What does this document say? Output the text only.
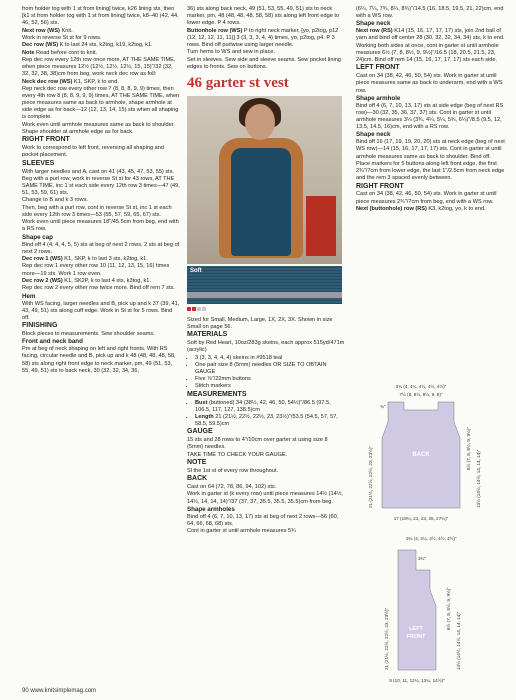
from holder tog with 1 st from lining] twice, k26 lining sts, then [k1 st from holder tog with 1 st from lining] twice, k8–40 (42, 44, 46, 52, 56) sts.

Next row (WS) Knit.

Work in reverse St st for 9 rows.

Dec row (WS) K to last 24 sts, k2tog, k19, k2tog, k1.

Note Read before cont to knit.

Rep dec row every 12th row once more, AT THE SAME TIME, when piece measures 12½ (12½, 12½, 12½, 15, 15)"/32 (32, 32, 32, 38, 38)cm from beg, work neck dec row as foll:

Neck dec row (WS) K1, SKP, k to end.

Rep neck dec row every other row 7 (8, 8, 8, 9, 9) times, then every 4th row 8 (8, 8, 9, 9, 9) times, AT THE SAME TIME, when piece measures same as back to armhole, shape armhole at side edge as for back—12 (12, 13, 14, 15) sts when all shaping is complete.

Work even until armhole measures same as back to shoulder. Shape shoulder at armhole edge as for back.

RIGHT FRONT

Work to correspond to left front, reversing all shaping and pocket placement.

SLEEVES

With larger needles and A, cast on 41 (43, 45, 47, 53, 55) sts. Beg with a purl row, work in reverse St st for 43 rows, AT THE SAME TIME, inc 1 st each side every 12th row 3 times—47 (49, 51, 53, 59, 61) sts.

Change to B and k 3 rows.

Then, beg with a purl row, cont in reverse St st, inc 1 st each side every 12th row 3 times—53 (55, 57, 59, 65, 67) sts.

Work even until piece measures 18"/45.5cm from beg, end with a RS row.

Shape cap

Bind off 4 (4, 4, 4, 5, 5) sts at beg of next 2 rows, 2 sts at beg of next 2 rows.

Dec row 1 (WS) K1, SKP, k to last 3 sts, k2tog, k1.

Rep dec row 1 every other row 10 (11, 12, 13, 15, 16) times more—19 sts. Work 1 row even.

Dec row 2 (WS) K1, SK2P, k to last 4 sts, k3tog, k1.

Rep dec row 2 every other row twice more. Bind off rem 7 sts.

Hem

With WS facing, larger needles and B, pick up and k 37 (39, 41, 43, 49, 51) sts along cuff edge. Work in St st for 5 rows. Bind off.

FINISHING

Block pieces to measurements. Sew shoulder seams.

Front and neck band

Pm at beg of neck shaping on left and right fronts. With RS facing, circular needle and B, pick up and k 48 (48, 48, 48, 58, 58) sts along right front edge to neck marker, pm, 49 (51, 53, 55, 49, 51) sts to back neck, 30 (32, 32, 34, 36,

36) sts along back neck, 49 (51, 53, 55, 49, 51) sts to neck marker, pm, 48 (48, 48, 48, 58, 58) sts along left front edge to lower edge. P 4 rows.

Buttonhole row (WS) P to right neck marker, [yo, p2tog, p12 (12, 12, 12, 11, 11)] 3 (3, 3, 3, 4, 4) times, yo, p2tog, p4. P 3 rows. Bind off purlwise using larger needle.

Turn hems to WS and sew in place.

Set in sleeves. Sew side and sleeve seams. Sew pocket lining edges to fronts. Sew on buttons.

46 garter st vest
Soft

Sized for Small, Medium, Large, 1X, 2X, 3X. Shown in size Small on page 56.

MATERIALS

Soft by Red Heart, 10oz/283g skeins, each approx 515yd/471m (acrylic)

• 3 (3, 3, 4, 4, 4) skeins in #9518 teal
• One pair size 8 (5mm) needles OR SIZE TO OBTAIN GAUGE
• Five ⅞"/22mm buttons
• Stitch markers

MEASUREMENTS

• Bust (buttoned) 34 (38½, 42, 46, 50, 54½)"/86.5 (97.5, 106.5, 117, 127, 138.5)cm
• Length 21 (21½, 22½, 22½, 23, 23½)"/53.5 (54.5, 57, 57, 58.5, 59.5)cm

GAUGE

15 sts and 28 rows to 4"/10cm over garter st using size 8 (5mm) needles.

TAKE TIME TO CHECK YOUR GAUGE.

NOTE

Sl the 1st st of every row throughout.

BACK

Cast on 64 (72, 78, 86, 94, 102) sts.

Work in garter st (k every row) until piece measures 14½ (14½, 14½, 14, 14, 14)"/37 (37, 37, 35.5, 35.5, 35.5)cm from beg.

Shape armholes

Bind off 4 (6, 7, 10, 13, 17) sts at beg of next 2 rows—56 (60, 64, 66, 68, 68) sts.

Cont in garter st until armhole measures 5¾

(6¼, 7¼, 7¾, 8¼, 8¾)"/14.5 (16, 18.5, 19.5, 21, 22)cm, end with a WS row.

Shape neck

Next row (RS) K14 (15, 16, 17, 17, 17) sts, join 2nd ball of yarn and bind off center 28 (30, 32, 32, 34, 34) sts, k to end.

Working both sides at once, cont in garter st until armhole measures 6½ (7, 8, 8½, 9, 9½)"/16.5 (18, 20.5, 21.5, 23, 24)cm. Bind off rem 14 (15, 16, 17, 17, 17) sts each side.

LEFT FRONT

Cast on 34 (38, 42, 46, 50, 54) sts. Work in garter st until piece measures same as back to underarm, end with a WS row.

Shape armhole

Bind off 4 (6, 7, 10, 13, 17) sts at side edge (beg of next RS row)—30 (32, 35, 36, 37, 37) sts. Cont in garter st until armhole measures 3¼ (3¾, 4¼, 5¼, 5¾, 6¼)"/8.5 (9.5, 12, 13.5, 14.5, 16)cm, end with a RS row.

Shape neck

Bind off 16 (17, 19, 19, 20, 20) sts at neck edge (beg of next WS row)—14 (15, 16, 17, 17, 17) sts. Cont in garter st until armhole measures same as back to shoulder. Bind off.

Place markers for 5 buttons along left front edge, the first 2¾"/7cm from lower edge, the last 1"/2.5cm from neck edge and the rem 3 spaced evenly between.

RIGHT FRONT

Cast on 34 (38, 42, 46, 50, 54) sts. Work in garter st until piece measures 2¾"/7cm from beg, end with a WS row.

Next (buttonhole) row (RS) K3, k2tog, yo, k to end.

BACK
3¾ (4, 4¼, 4½, 4½, 4½)"
7½ (8, 8½, 8½, 9, 9)"
¾"
17 (19¼, 21, 23, 25, 27¼)"
21 (21½, 22½, 22½, 23, 23½)"	6½ (7, 8, 8½, 9, 9½)"
14½ (14½, 14½, 14, 14, 14)"
LEFT
FRONT
3¾ (4, 4¼, 4½, 4½, 4½)"
3¼"
9 (10, 11, 12¼, 13¼, 14½)"
21 (21½, 22½, 22½, 23, 23½)"	6½ (7, 8, 8½, 9, 9½)"
14½ (14½, 14½, 14, 14, 14)"
90 www.knitsimplemag.com
